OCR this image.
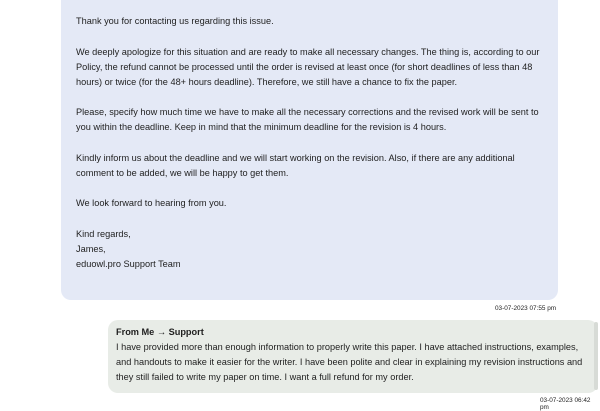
Thank you for contacting us regarding this issue.

We deeply apologize for this situation and are ready to make all necessary changes. The thing is, according to our Policy, the refund cannot be processed until the order is revised at least once (for short deadlines of less than 48 hours) or twice (for the 48+ hours deadline). Therefore, we still have a chance to fix the paper.

Please, specify how much time we have to make all the necessary corrections and the revised work will be sent to you within the deadline. Keep in mind that the minimum deadline for the revision is 4 hours.

Kindly inform us about the deadline and we will start working on the revision. Also, if there are any additional comment to be added, we will be happy to get them.

We look forward to hearing from you.

Kind regards,

James,

eduowl.pro Support Team

03-07-2023 07:55 pm

From Me → Support

I have provided more than enough information to properly write this paper. I have attached instructions, examples, and handouts to make it easier for the writer. I have been polite and clear in explaining my revision instructions and they still failed to write my paper on time. I want a full refund for my order.

03-07-2023 06:42 pm
